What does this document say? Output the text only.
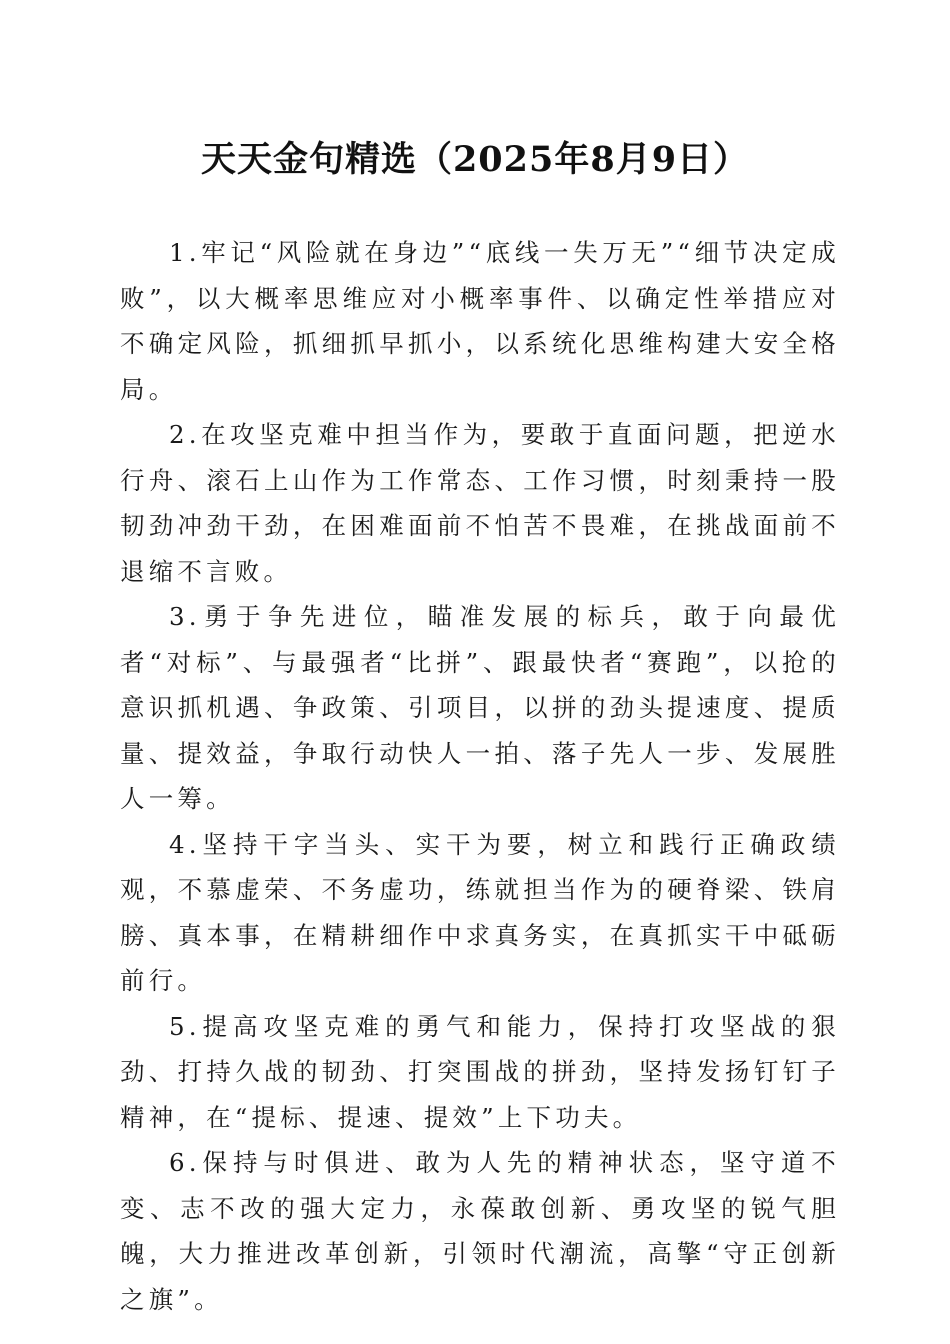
天天金句精选（2025年8月9日）

1.牢记“风险就在身边”“底线一失万无”“细节决定成败”，以大概率思维应对小概率事件、以确定性举措应对不确定风险，抓细抓早抓小，以系统化思维构建大安全格局。

2.在攻坚克难中担当作为，要敢于直面问题，把逆水行舟、滚石上山作为工作常态、工作习惯，时刻秉持一股韧劲冲劲干劲，在困难面前不怕苦不畏难，在挑战面前不退缩不言败。

3.勇于争先进位，瞄准发展的标兵，敢于向最优者“对标”、与最强者“比拼”、跟最快者“赛跑”，以抢的意识抓机遇、争政策、引项目，以拼的劲头提速度、提质量、提效益，争取行动快人一拍、落子先人一步、发展胜人一筹。

4.坚持干字当头、实干为要，树立和践行正确政绩观，不慕虚荣、不务虚功，练就担当作为的硬脊梁、铁肩膀、真本事，在精耕细作中求真务实，在真抓实干中砥砺前行。

5.提高攻坚克难的勇气和能力，保持打攻坚战的狠劲、打持久战的韧劲、打突围战的拼劲，坚持发扬钉钉子精神，在“提标、提速、提效”上下功夫。

6.保持与时俱进、敢为人先的精神状态，坚守道不变、志不改的强大定力，永葆敢创新、勇攻坚的锐气胆魄，大力推进改革创新，引领时代潮流，高擎“守正创新之旗”。
